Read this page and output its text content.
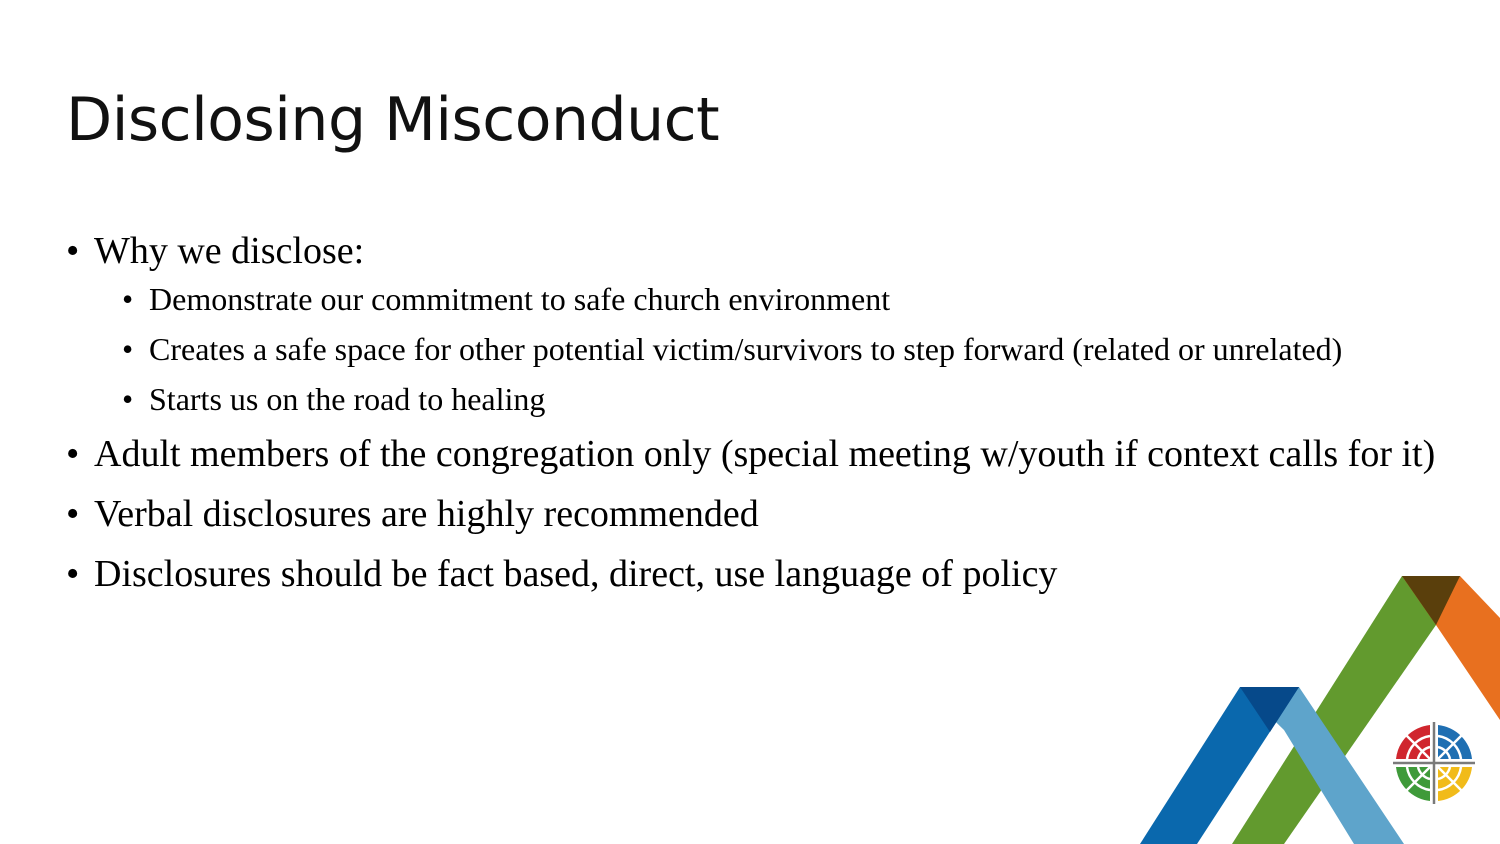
Disclosing Misconduct
• Why we disclose:
• Demonstrate our commitment to safe church environment
• Creates a safe space for other potential victim/survivors to step forward (related or unrelated)
• Starts us on the road to healing
• Adult members of the congregation only (special meeting w/youth if context calls for it)
• Verbal disclosures are highly recommended
• Disclosures should be fact based, direct, use language of policy
